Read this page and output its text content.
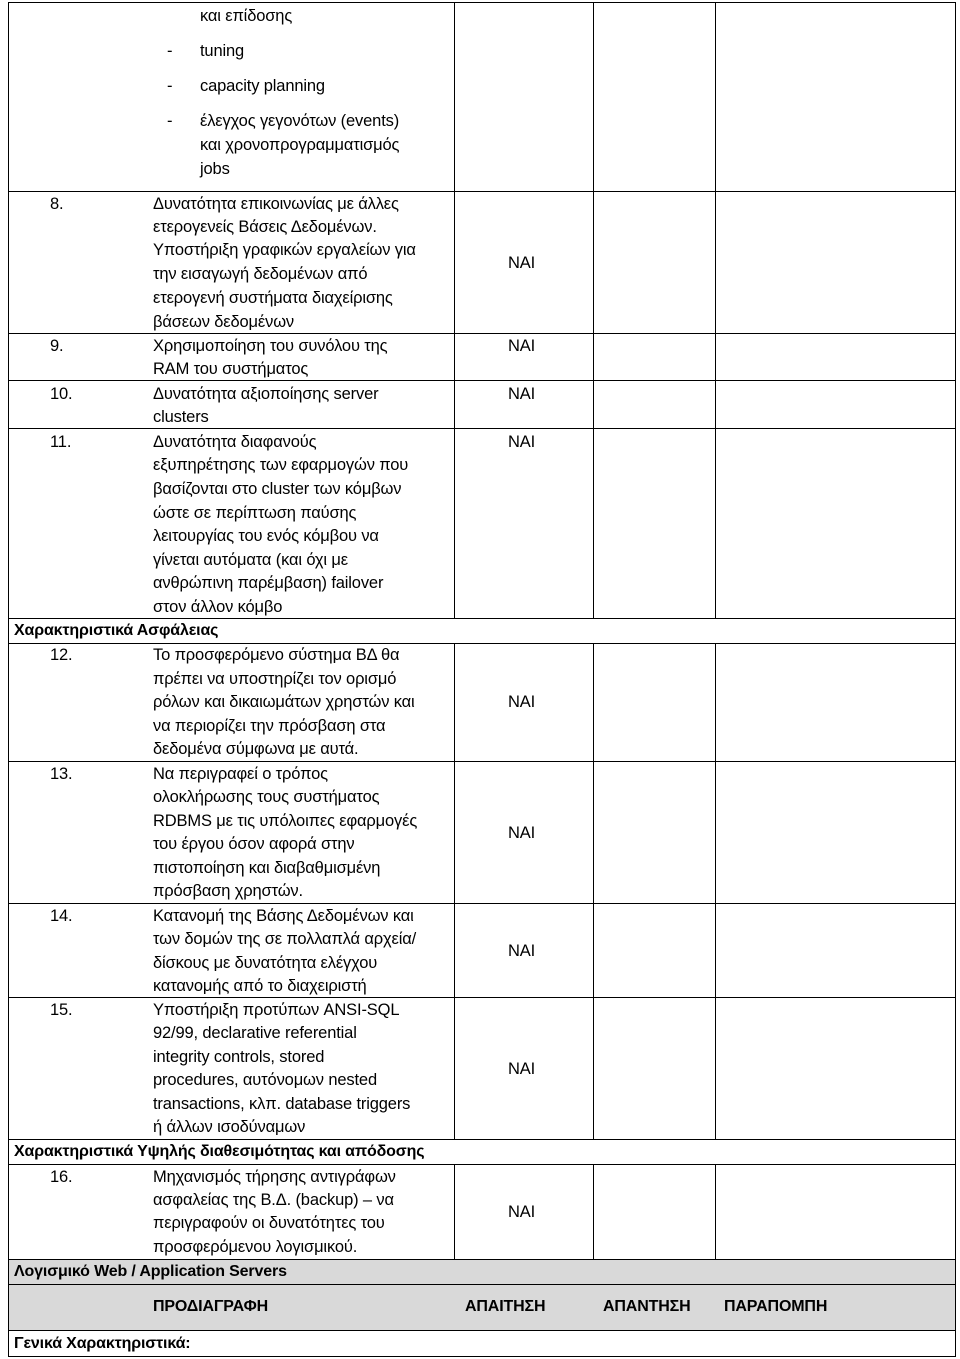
και επίδοσης
- tuning
- capacity planning
- έλεγχος γεγονότων (events)
και χρονοπρογραμματισμός
jobs
8.	Δυνατότητα επικοινωνίας με άλλες
ετερογενείς Βάσεις Δεδομένων.
Υποστήριξη γραφικών εργαλείων για
την εισαγωγή δεδομένων από
ετερογενή συστήματα διαχείρισης
βάσεων δεδομένων
ΝΑΙ
9.	Χρησιμοποίηση του συνόλου της
RAM του συστήματος
ΝΑΙ
10.	Δυνατότητα αξιοποίησης server
clusters
ΝΑΙ
11.	Δυνατότητα διαφανούς
εξυπηρέτησης των εφαρμογών που
βασίζονται στο cluster των κόμβων
ώστε σε περίπτωση παύσης
λειτουργίας του ενός κόμβου να
γίνεται αυτόματα (και όχι με
ανθρώπινη παρέμβαση) failover
στον άλλον κόμβο
ΝΑΙ
Χαρακτηριστικά Ασφάλειας
12.	Το προσφερόμενο σύστημα ΒΔ θα
πρέπει να υποστηρίζει τον ορισμό
ρόλων και δικαιωμάτων χρηστών και
να περιορίζει την πρόσβαση στα
δεδομένα σύμφωνα με αυτά.
ΝΑΙ
13.	Να περιγραφεί ο τρόπος
ολοκλήρωσης τους συστήματος
RDBMS με τις υπόλοιπες εφαρμογές
του έργου όσον αφορά στην
πιστοποίηση και διαβαθμισμένη
πρόσβαση χρηστών.
ΝΑΙ
14.	Κατανομή της Βάσης Δεδομένων και
των δομών της σε πολλαπλά αρχεία/
δίσκους με δυνατότητα ελέγχου
κατανομής από το διαχειριστή
ΝΑΙ
15.	Υποστήριξη προτύπων ANSI-SQL
92/99, declarative referential
integrity controls, stored
procedures, αυτόνομων nested
transactions, κλπ. database triggers
ή άλλων ισοδύναμων
ΝΑΙ
Χαρακτηριστικά Υψηλής διαθεσιμότητας και απόδοσης
16.	Μηχανισμός τήρησης αντιγράφων
ασφαλείας της Β.Δ. (backup) – να
περιγραφούν οι δυνατότητες του
προσφερόμενου λογισμικού.
ΝΑΙ
Λογισμικό Web / Application Servers
ΠΡΟΔΙΑΓΡΑΦΗ	ΑΠΑΙΤΗΣΗ	ΑΠΑΝΤΗΣΗ ΠΑΡΑΠΟΜΠΗ
Γενικά Χαρακτηριστικά:
